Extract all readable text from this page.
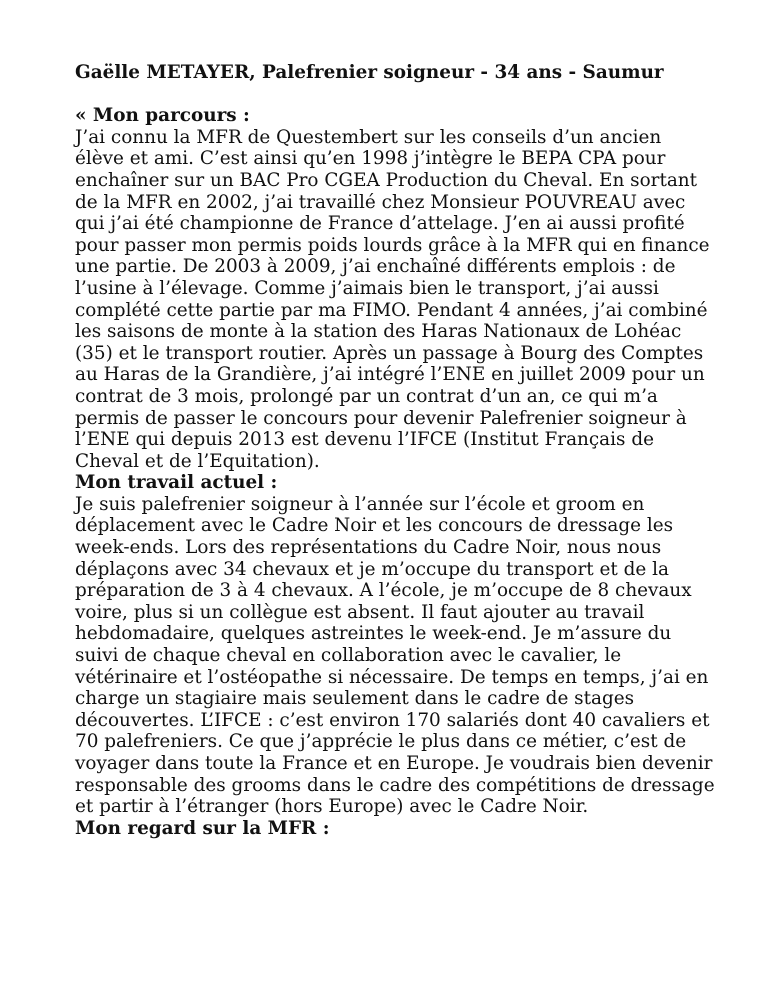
Gaëlle METAYER, Palefrenier soigneur - 34 ans - Saumur
« Mon parcours :

J’ai connu la MFR de Questembert sur les conseils d’un ancien élève et ami. C’est ainsi qu’en 1998 j’intègre le BEPA CPA pour enchaîner sur un BAC Pro CGEA Production du Cheval. En sortant de la MFR en 2002, j’ai travaillé chez Monsieur POUVREAU avec qui j’ai été championne de France d’attelage. J’en ai aussi profité pour passer mon permis poids lourds grâce à la MFR qui en finance une partie. De 2003 à 2009, j’ai enchaîné différents emplois : de l’usine à l’élevage. Comme j’aimais bien le transport, j’ai aussi complété cette partie par ma FIMO. Pendant 4 années, j’ai combiné les saisons de monte à la station des Haras Nationaux de Lohéac (35) et le transport routier. Après un passage à Bourg des Comptes au Haras de la Grandière, j’ai intégré l’ENE en juillet 2009 pour un contrat de 3 mois, prolongé par un contrat d’un an, ce qui m’a permis de passer le concours pour devenir Palefrenier soigneur à l’ENE qui depuis 2013 est devenu l’IFCE (Institut Français de Cheval et de l’Equitation).

Mon travail actuel :

Je suis palefrenier soigneur à l’année sur l’école et groom en déplacement avec le Cadre Noir et les concours de dressage les week-ends. Lors des représentations du Cadre Noir, nous nous déplaçons avec 34 chevaux et je m’occupe du transport et de la préparation de 3 à 4 chevaux. A l’école, je m’occupe de 8 chevaux voire, plus si un collègue est absent. Il faut ajouter au travail hebdomadaire, quelques astreintes le week-end. Je m’assure du suivi de chaque cheval en collaboration avec le cavalier, le vétérinaire et l’ostéopathe si nécessaire. De temps en temps, j’ai en charge un stagiaire mais seulement dans le cadre de stages découvertes. L’IFCE : c’est environ 170 salariés dont 40 cavaliers et 70 palefreniers. Ce que j’apprécie le plus dans ce métier, c’est de voyager dans toute la France et en Europe. Je voudrais bien devenir responsable des grooms dans le cadre des compétitions de dressage et partir à l’étranger (hors Europe) avec le Cadre Noir.

Mon regard sur la MFR :
